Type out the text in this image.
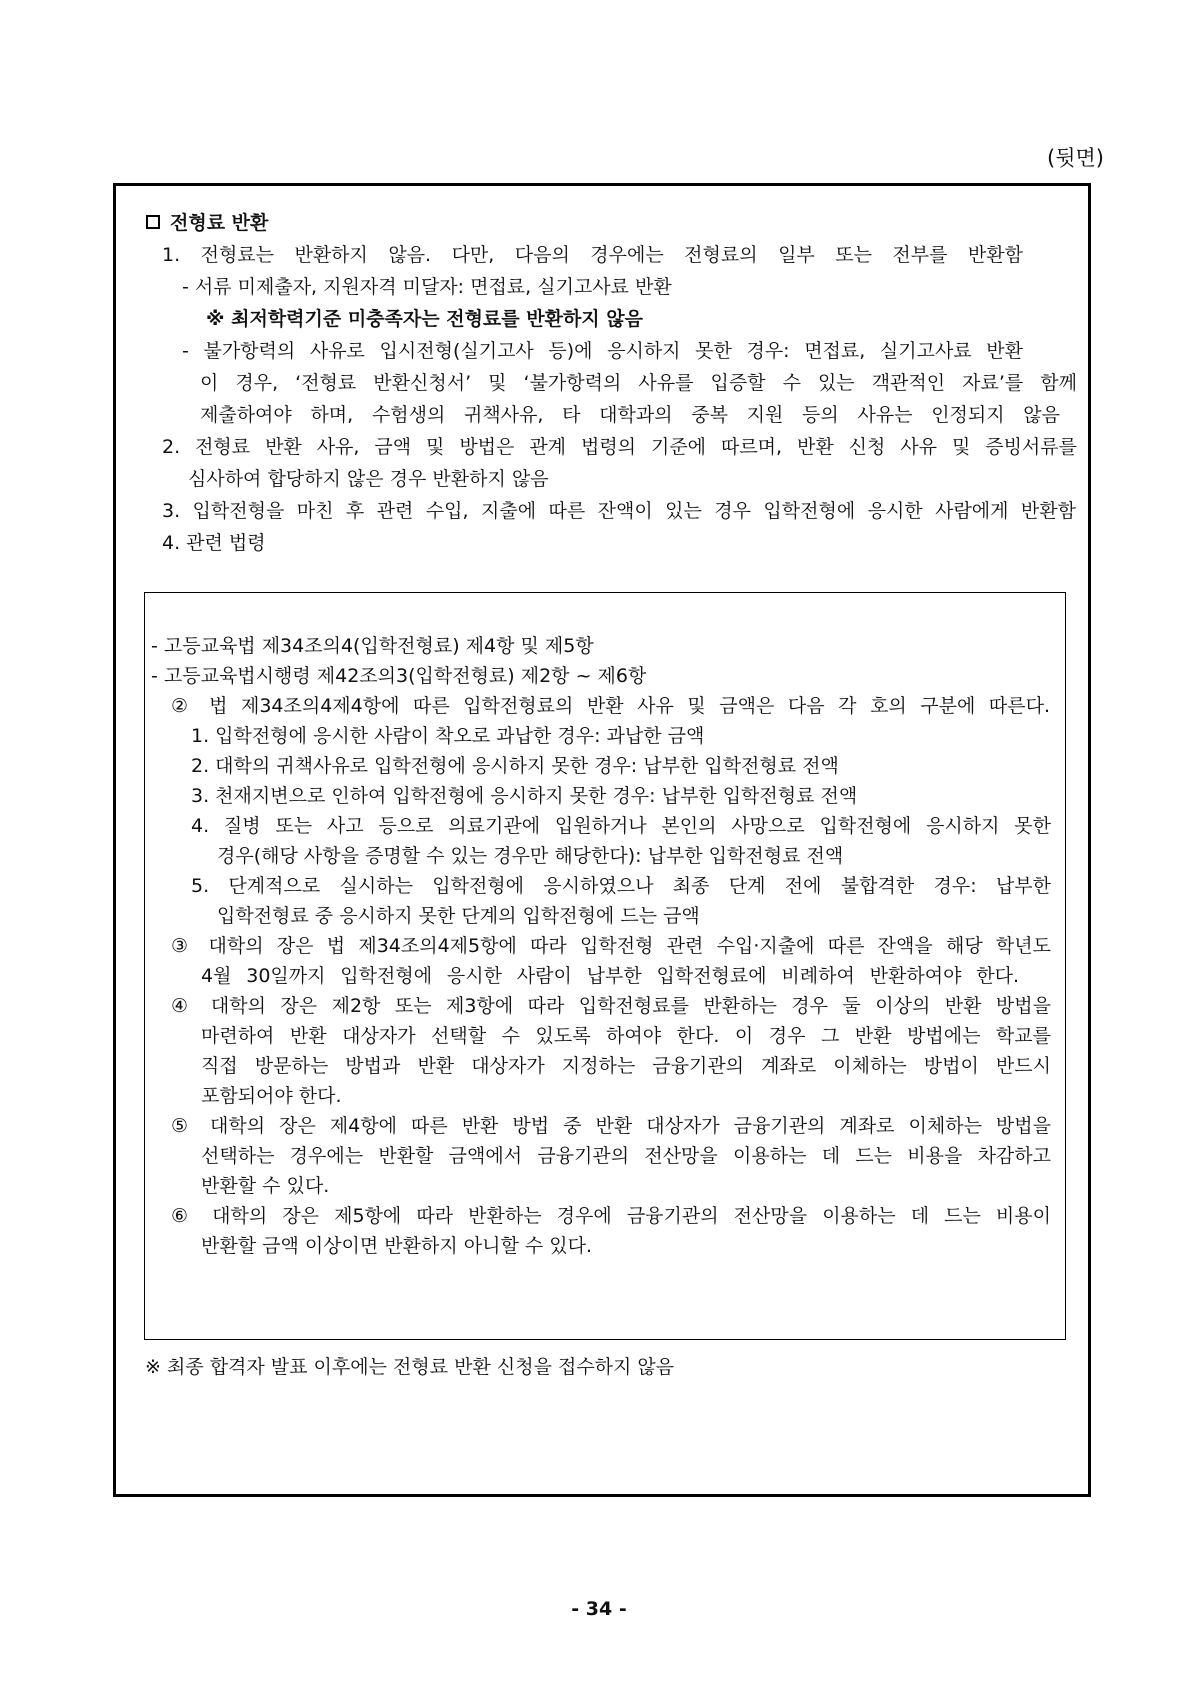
(뒷면)
전형료 반환
1. 전형료는 반환하지 않음. 다만, 다음의 경우에는 전형료의 일부 또는 전부를 반환함
- 서류 미제출자, 지원자격 미달자: 면접료, 실기고사료 반환
※ 최저학력기준 미충족자는 전형료를 반환하지 않음
- 불가항력의 사유로 입시전형(실기고사 등)에 응시하지 못한 경우: 면접료, 실기고사료 반환
이 경우, ‘전형료 반환신청서’ 및 ‘불가항력의 사유를 입증할 수 있는 객관적인 자료’를 함께
제출하여야 하며, 수험생의 귀책사유, 타 대학과의 중복 지원 등의 사유는 인정되지 않음
2. 전형료 반환 사유, 금액 및 방법은 관계 법령의 기준에 따르며, 반환 신청 사유 및 증빙서류를
심사하여 합당하지 않은 경우 반환하지 않음
3. 입학전형을 마친 후 관련 수입, 지출에 따른 잔액이 있는 경우 입학전형에 응시한 사람에게 반환함
4. 관련 법령
- 고등교육법 제34조의4(입학전형료) 제4항 및 제5항
- 고등교육법시행령 제42조의3(입학전형료) 제2항 ~ 제6항
② 법 제34조의4제4항에 따른 입학전형료의 반환 사유 및 금액은 다음 각 호의 구분에 따른다.
1. 입학전형에 응시한 사람이 착오로 과납한 경우: 과납한 금액
2. 대학의 귀책사유로 입학전형에 응시하지 못한 경우: 납부한 입학전형료 전액
3. 천재지변으로 인하여 입학전형에 응시하지 못한 경우: 납부한 입학전형료 전액
4. 질병 또는 사고 등으로 의료기관에 입원하거나 본인의 사망으로 입학전형에 응시하지 못한
경우(해당 사항을 증명할 수 있는 경우만 해당한다): 납부한 입학전형료 전액
5. 단계적으로 실시하는 입학전형에 응시하였으나 최종 단계 전에 불합격한 경우: 납부한
입학전형료 중 응시하지 못한 단계의 입학전형에 드는 금액
③ 대학의 장은 법 제34조의4제5항에 따라 입학전형 관련 수입·지출에 따른 잔액을 해당 학년도
4월 30일까지 입학전형에 응시한 사람이 납부한 입학전형료에 비례하여 반환하여야 한다.
④ 대학의 장은 제2항 또는 제3항에 따라 입학전형료를 반환하는 경우 둘 이상의 반환 방법을
마련하여 반환 대상자가 선택할 수 있도록 하여야 한다. 이 경우 그 반환 방법에는 학교를
직접 방문하는 방법과 반환 대상자가 지정하는 금융기관의 계좌로 이체하는 방법이 반드시
포함되어야 한다.
⑤ 대학의 장은 제4항에 따른 반환 방법 중 반환 대상자가 금융기관의 계좌로 이체하는 방법을
선택하는 경우에는 반환할 금액에서 금융기관의 전산망을 이용하는 데 드는 비용을 차감하고
반환할 수 있다.
⑥ 대학의 장은 제5항에 따라 반환하는 경우에 금융기관의 전산망을 이용하는 데 드는 비용이
반환할 금액 이상이면 반환하지 아니할 수 있다.
※ 최종 합격자 발표 이후에는 전형료 반환 신청을 접수하지 않음
- 34 -
